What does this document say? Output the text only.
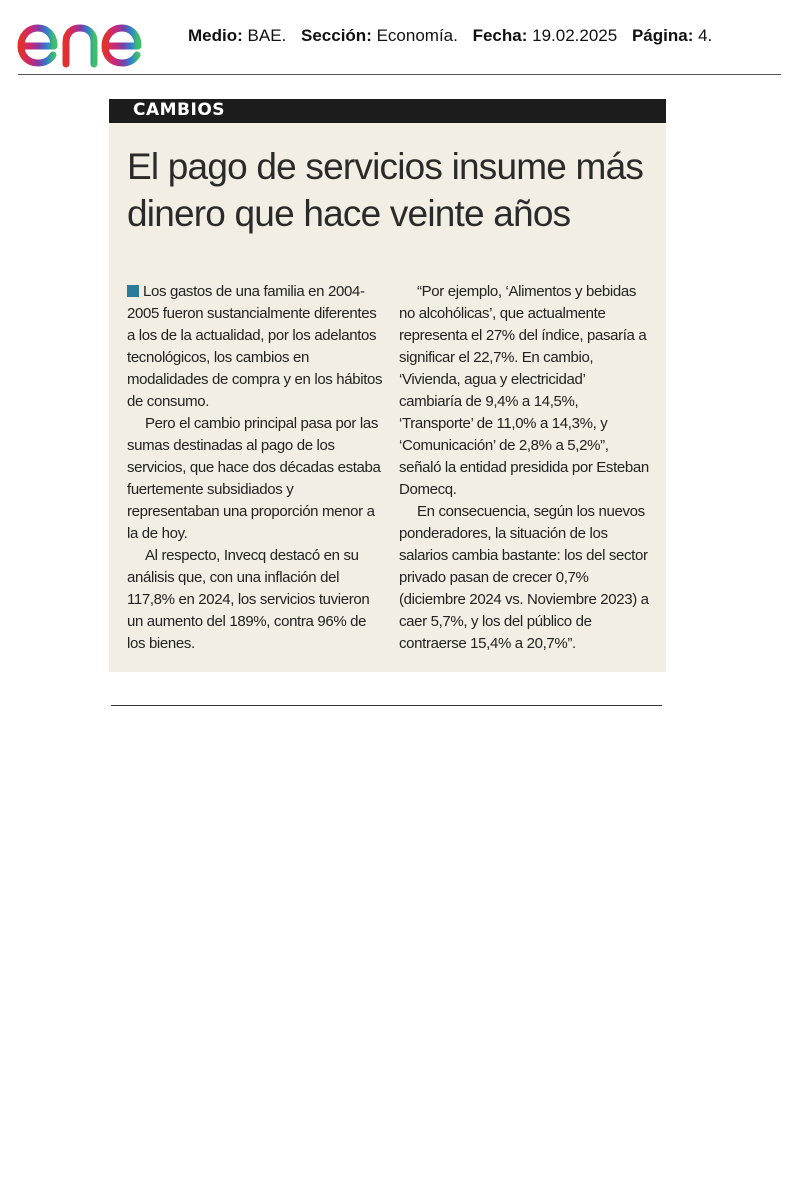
Medio: BAE. Sección: Economía. Fecha: 19.02.2025 Página: 4.
CAMBIOS
El pago de servicios insume más dinero que hace veinte años

Los gastos de una familia en 2004-2005 fueron sustancialmente diferentes a los de la actualidad, por los adelantos tecnológicos, los cambios en modalidades de compra y en los hábitos de consumo.

Pero el cambio principal pasa por las sumas destinadas al pago de los servicios, que hace dos décadas estaba fuertemente subsidiados y representaban una proporción menor a la de hoy.

Al respecto, Invecq destacó en su análisis que, con una inflación del 117,8% en 2024, los servicios tuvieron un aumento del 189%, contra 96% de los bienes.

“Por ejemplo, ‘Alimentos y bebidas no alcohólicas’, que actualmente representa el 27% del índice, pasaría a significar el 22,7%. En cambio, ‘Vivienda, agua y electricidad’ cambiaría de 9,4% a 14,5%, ‘Transporte’ de 11,0% a 14,3%, y ‘Comunicación’ de 2,8% a 5,2%”, señaló la entidad presidida por Esteban Domecq.

En consecuencia, según los nuevos ponderadores, la situación de los salarios cambia bastante: los del sector privado pasan de crecer 0,7% (diciembre 2024 vs. Noviembre 2023) a caer 5,7%, y los del público de contraerse 15,4% a 20,7%”.
